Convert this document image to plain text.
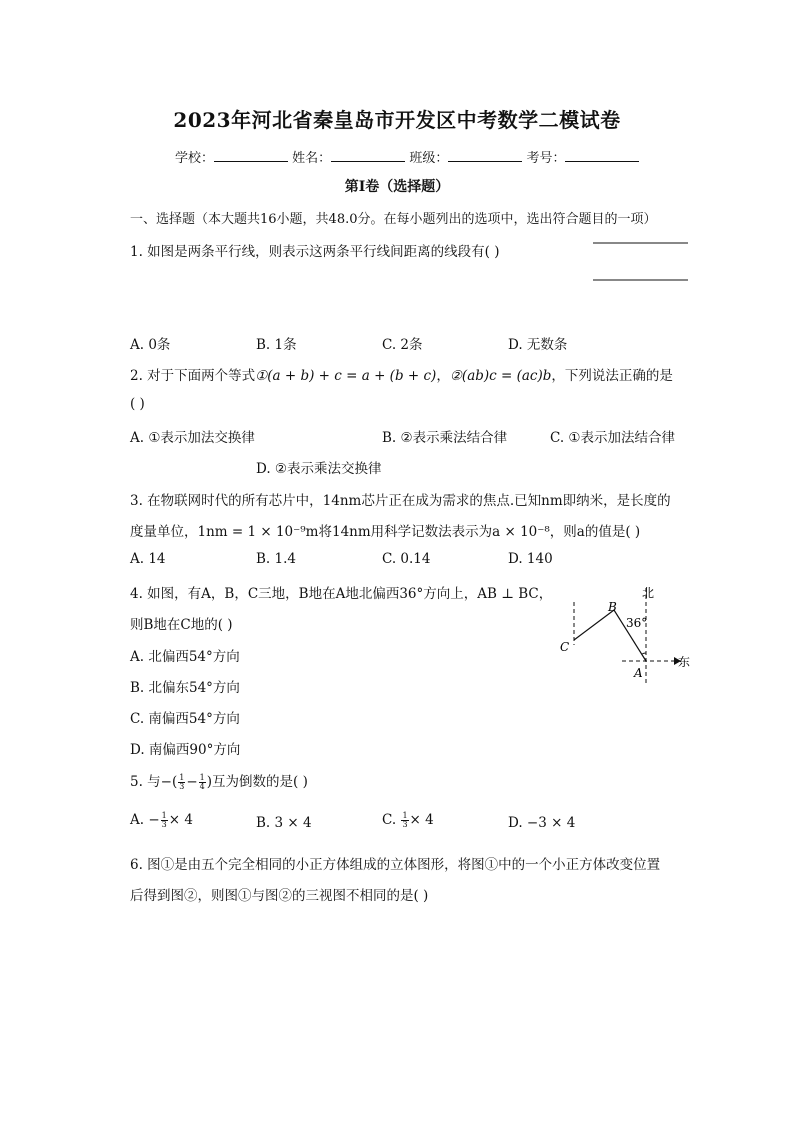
2023年河北省秦皇岛市开发区中考数学二模试卷
学校：	姓名：	班级：	考号：
第I卷（选择题）
一、选择题（本大题共16小题，共48.0分。在每小题列出的选项中，选出符合题目的一项）
1. 如图是两条平行线，则表示这两条平行线间距离的线段有( )
A. 0条	B. 1条	C. 2条	D. 无数条
2. 对于下面两个等式①(a + b) + c = a + (b + c)，②(ab)c = (ac)b，下列说法正确的是
( )
A. ①表示加法交换律	B. ②表示乘法结合律	C. ①表示加法结合律
D. ②表示乘法交换律
3. 在物联网时代的所有芯片中，14nm芯片正在成为需求的焦点.已知nm即纳米，是长度的
度量单位，1nm = 1 × 10⁻⁹m将14nm用科学记数法表示为a × 10⁻⁸，则a的值是( )
A. 14	B. 1.4	C. 0.14	D. 140
4. 如图，有A，B，C三地，B地在A地北偏西36°方向上，AB ⊥ BC，
则B地在C地的( )
A. 北偏西54°方向
B. 北偏东54°方向
C. 南偏西54°方向
D. 南偏西90°方向
北
东
36°
B
C
A
5. 与−( $\frac{1}{3} - \frac{1}{4}$ )互为倒数的是( )
A. − $\frac{1}{3} \times 4$	B. 3 × 4	C. $\frac{1}{3} \times 4$	D. −3 × 4
6. 图①是由五个完全相同的小正方体组成的立体图形，将图①中的一个小正方体改变位置
后得到图②，则图①与图②的三视图不相同的是( )
